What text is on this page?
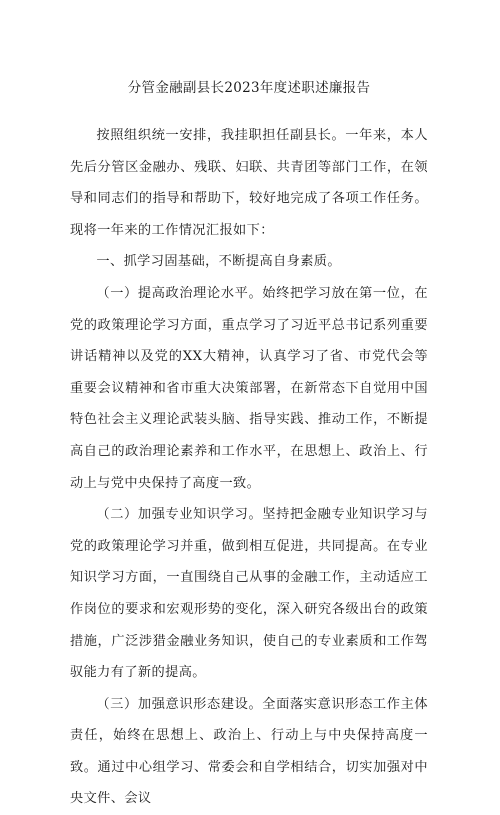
分管金融副县长2023年度述职述廉报告

按照组织统一安排，我挂职担任副县长。一年来，本人先后分管区金融办、残联、妇联、共青团等部门工作，在领导和同志们的指导和帮助下，较好地完成了各项工作任务。现将一年来的工作情况汇报如下：

一、抓学习固基础，不断提高自身素质。

（一）提高政治理论水平。始终把学习放在第一位，在党的政策理论学习方面，重点学习了习近平总书记系列重要讲话精神以及党的XX大精神，认真学习了省、市党代会等重要会议精神和省市重大决策部署，在新常态下自觉用中国特色社会主义理论武装头脑、指导实践、推动工作，不断提高自己的政治理论素养和工作水平，在思想上、政治上、行动上与党中央保持了高度一致。

（二）加强专业知识学习。坚持把金融专业知识学习与党的政策理论学习并重，做到相互促进，共同提高。在专业知识学习方面，一直围绕自己从事的金融工作，主动适应工作岗位的要求和宏观形势的变化，深入研究各级出台的政策措施，广泛涉猎金融业务知识，使自己的专业素质和工作驾驭能力有了新的提高。

（三）加强意识形态建设。全面落实意识形态工作主体责任，始终在思想上、政治上、行动上与中央保持高度一致。通过中心组学习、常委会和自学相结合，切实加强对中央文件、会议
